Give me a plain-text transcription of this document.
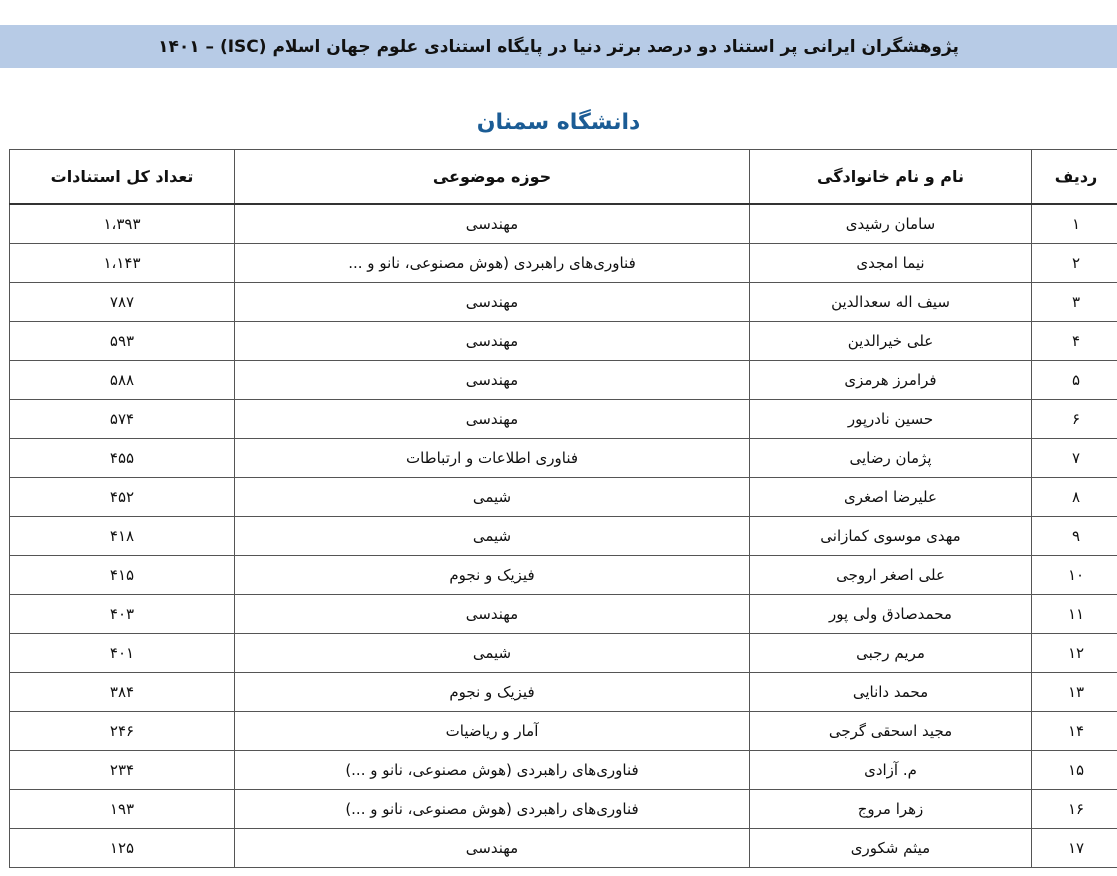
پژوهشگران ایرانی پر استناد دو درصد برتر دنیا در پایگاه استنادی علوم جهان اسلام (ISC) – ۱۴۰۱
دانشگاه سمنان
ردیف	نام و نام خانوادگی	حوزه موضوعی	تعداد کل استنادات
۱	سامان رشیدی	مهندسی	۱،۳۹۳
۲	نیما امجدی	فناوری‌های راهبردی (هوش مصنوعی، نانو و ...	۱،۱۴۳
۳	سیف اله سعدالدین	مهندسی	۷۸۷
۴	علی خیرالدین	مهندسی	۵۹۳
۵	فرامرز هرمزی	مهندسی	۵۸۸
۶	حسین نادرپور	مهندسی	۵۷۴
۷	پژمان رضایی	فناوری اطلاعات و ارتباطات	۴۵۵
۸	علیرضا اصغری	شیمی	۴۵۲
۹	مهدی موسوی کمازانی	شیمی	۴۱۸
۱۰	علی اصغر اروجی	فیزیک و نجوم	۴۱۵
۱۱	محمدصادق ولی پور	مهندسی	۴۰۳
۱۲	مریم رجبی	شیمی	۴۰۱
۱۳	محمد دانایی	فیزیک و نجوم	۳۸۴
۱۴	مجید اسحقی گرجی	آمار و ریاضیات	۲۴۶
۱۵	م. آزادی	فناوری‌های راهبردی (هوش مصنوعی، نانو و ...)	۲۳۴
۱۶	زهرا مروج	فناوری‌های راهبردی (هوش مصنوعی، نانو و ...)	۱۹۳
۱۷	میثم شکوری	مهندسی	۱۲۵
